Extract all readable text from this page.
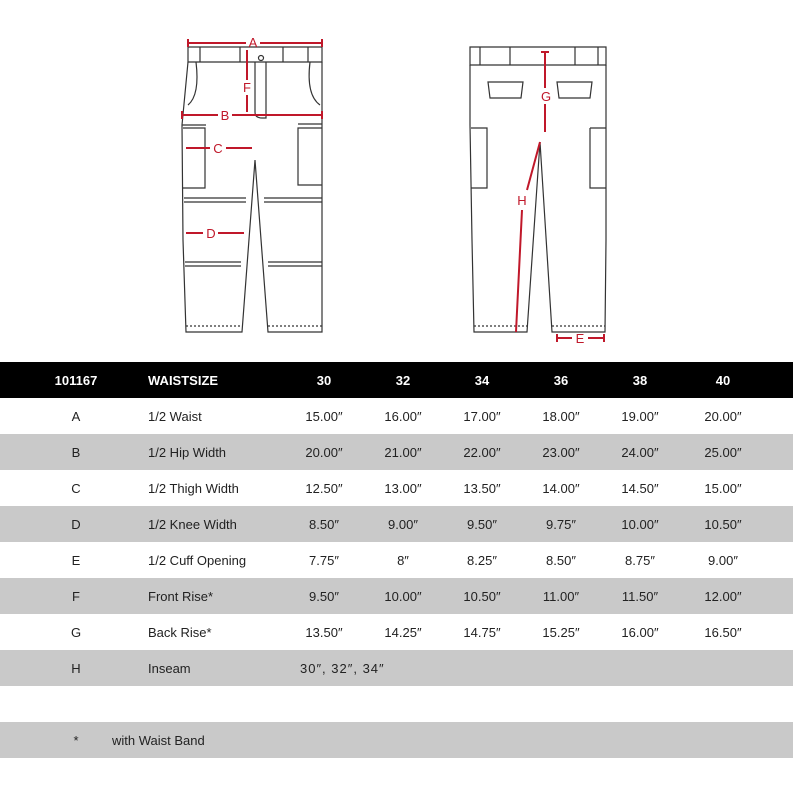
A
B
C
D
F
G
H
E
101167	WAISTSIZE	30	32	34	36	38	40
A	1/2 Waist	15.00″	16.00″	17.00″	18.00″	19.00″	20.00″
B	1/2 Hip Width	20.00″	21.00″	22.00″	23.00″	24.00″	25.00″
C	1/2 Thigh Width	12.50″	13.00″	13.50″	14.00″	14.50″	15.00″
D	1/2 Knee Width	8.50″	9.00″	9.50″	9.75″	10.00″	10.50″
E	1/2 Cuff Opening	7.75″	8″	8.25″	8.50″	8.75″	9.00″
F	Front Rise*	9.50″	10.00″	10.50″	11.00″	11.50″	12.00″
G	Back Rise*	13.50″	14.25″	14.75″	15.25″	16.00″	16.50″
H	Inseam	30″, 32″, 34″
*	with Waist Band
